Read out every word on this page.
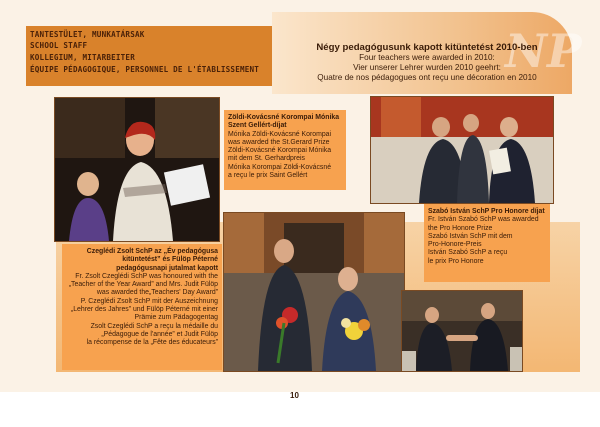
NP
TANTESTÜLET, MUNKATÁRSAK
SCHOOL STAFF
KOLLEGIUM, MITARBEITER
ÉQUIPE PÉDAGOGIQUE, PERSONNEL DE L'ÉTABLISSEMENT
Négy pedagógusunk kapott kitüntetést 2010-ben
Four teachers were awarded in 2010:
Vier unserer Lehrer wurden 2010 geehrt:
Quatre de nos pédagogues ont reçu une décoration en 2010
Zöldi-Kovácsné Korompai Mónika
Szent Gellért-díjat
Mónika Zöldi-Kovácsné Korompai
was awarded the St.Gerard Prize
Zöldi-Kovácsné Korompai Mónika
mit dem St. Gerhardpreis
Mónika Korompai Zöldi-Kovácsné
a reçu le prix Saint Gellért
Szabó István SchP Pro Honore díjat
Fr. István Szabó SchP was awarded
the Pro Honore Prize
Szabó István SchP mit dem
Pro-Honore-Preis
István Szabó SchP a reçu
le prix Pro Honore
Czeglédi Zsolt SchP az „Év pedagógusa
kitüntetést” és Fülöp Péterné
pedagógusnapi jutalmat kapott
Fr. Zsolt Czeglédi SchP was honoured with the
„Teacher of the Year Award” and Mrs. Judit Fülöp
was awarded the„Teachers' Day Award”
P. Czeglédi Zsolt SchP mit der Auszeichnung
„Lehrer des Jahres” und Fülöp Péterné mit einer
Prämie zum Pädagogentag
Zsolt Czeglédi SchP a reçu la médaille du
„Pédagogue de l'année” et Judit Fülöp
la récompense de la „Fête des éducateurs”
10
